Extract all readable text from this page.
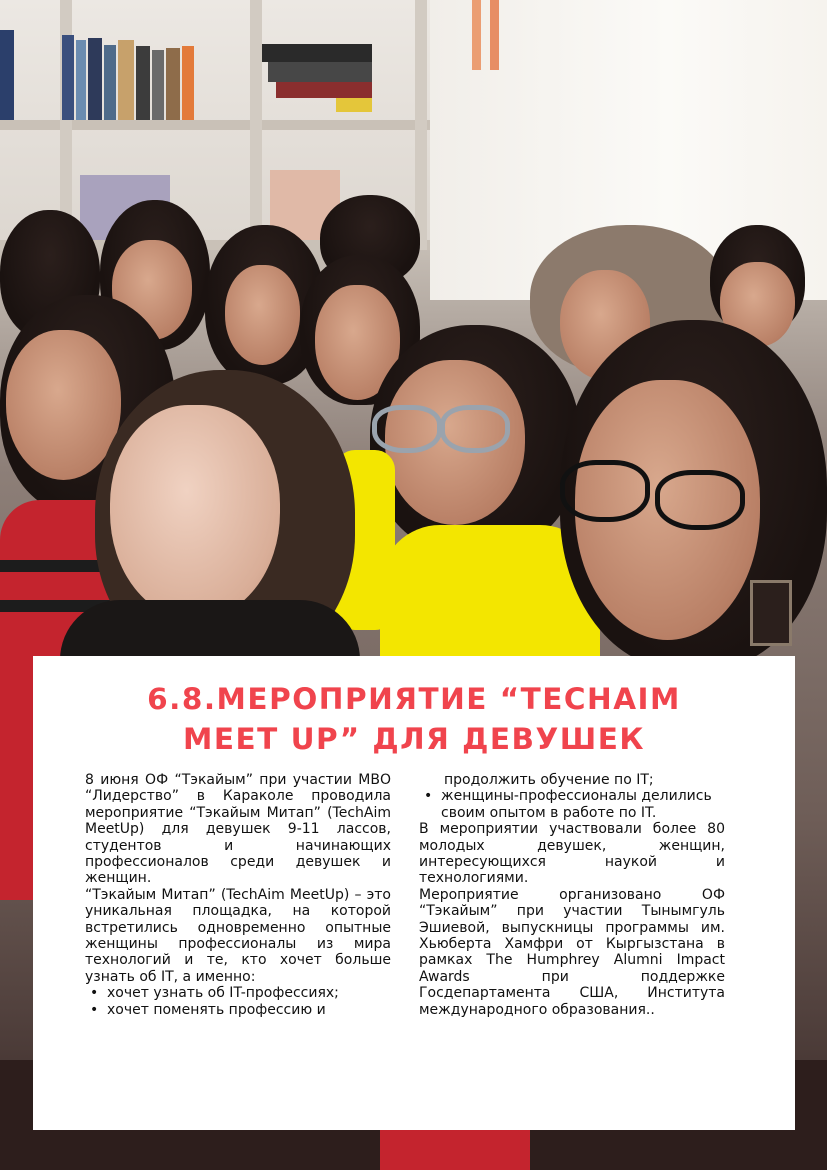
6.8.МЕРОПРИЯТИЕ “TECHAIM
MEET UP” ДЛЯ ДЕВУШЕК

8 июня ОФ “Тэкайым” при участии МВО “Лидерство” в Караколе проводила мероприятие “Тэкайым Митап” (TechAim MeetUp) для девушек 9-11 лассов, студентов и начинающих профессионалов среди девушек и женщин.

“Тэкайым Митап” (TechAim MeetUp) – это уникальная площадка, на которой встретились одновременно опытные женщины профессионалы из мира технологий и те, кто хочет больше узнать об IT, а именно:

• хочет узнать об IT-профессиях;
• хочет поменять профессию и
продолжить обучение по IT;
• женщины-профессионалы делились своим опытом в работе по IT.

В мероприятии участвовали более 80 молодых девушек, женщин, интересующихся наукой и технологиями.

Мероприятие организовано ОФ “Тэкайым” при участии Тынымгуль Эшиевой, выпускницы программы им. Хьюберта Хамфри от Кыргызстана в рамках The Humphrey Alumni Impact Awards при поддержке Госдепартамента США, Института международного образования..
